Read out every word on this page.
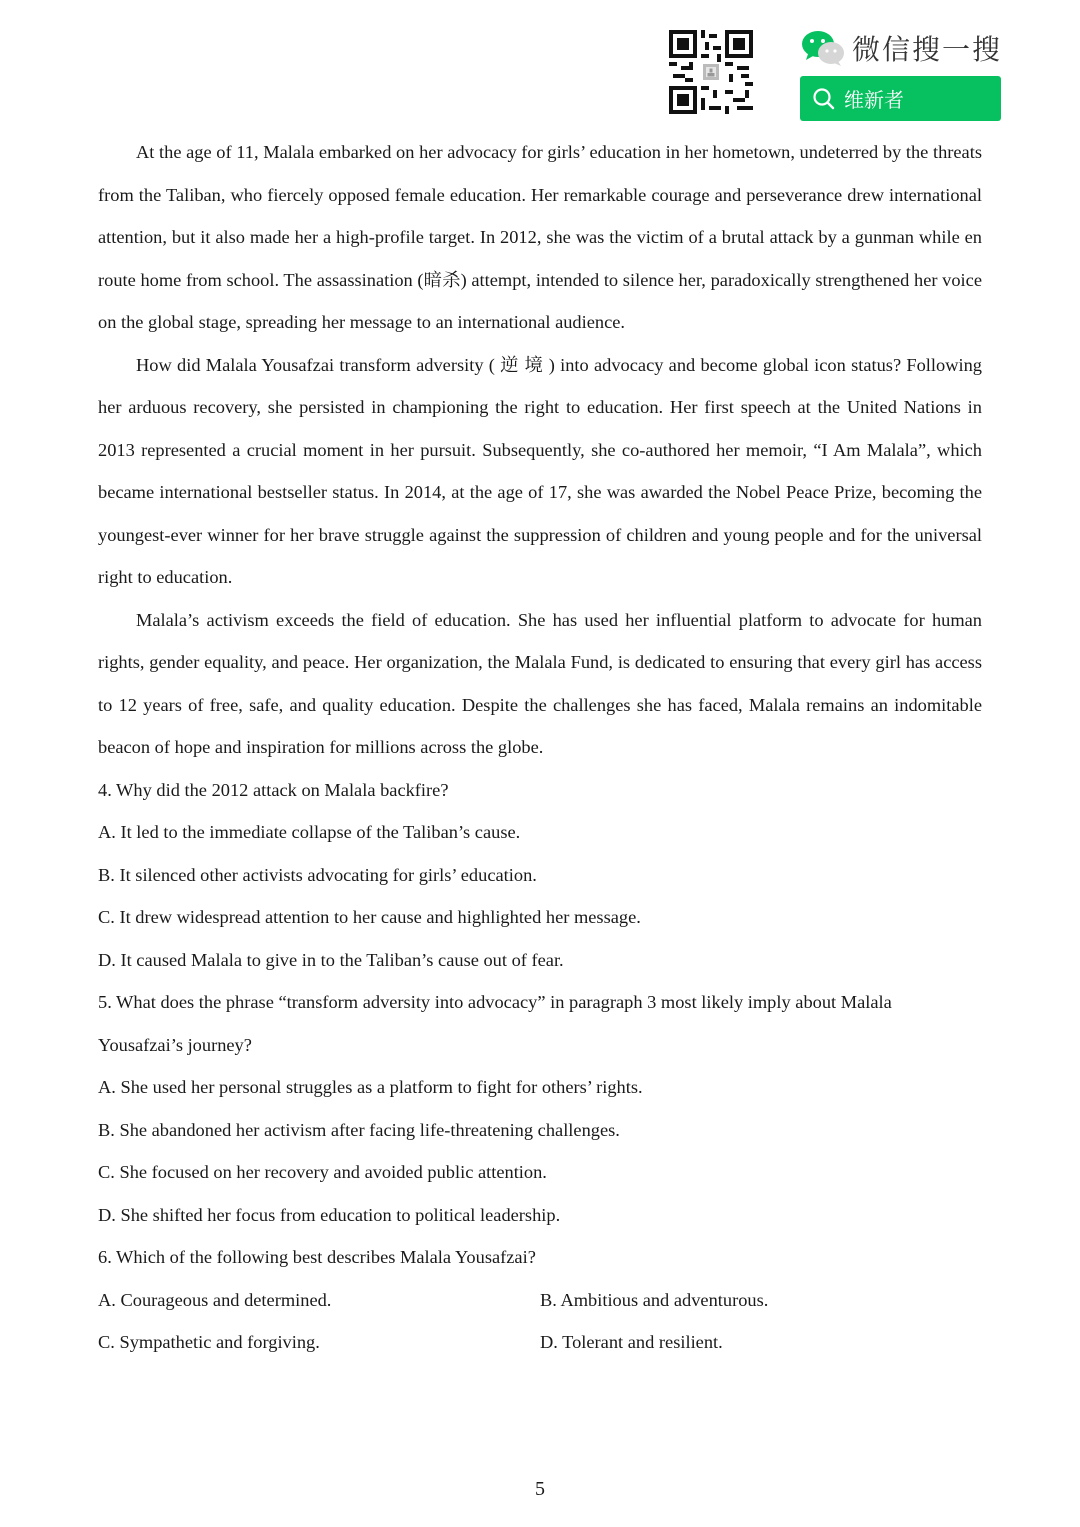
微信搜一搜
维新者

At the age of 11, Malala embarked on her advocacy for girls’ education in her hometown, undeterred by the threats from the Taliban, who fiercely opposed female education. Her remarkable courage and perseverance drew international attention, but it also made her a high-profile target. In 2012, she was the victim of a brutal attack by a gunman while en route home from school. The assassination (暗杀) attempt, intended to silence her, paradoxically strengthened her voice on the global stage, spreading her message to an international audience.

How did Malala Yousafzai transform adversity ( 逆 境 ) into advocacy and become global icon status? Following her arduous recovery, she persisted in championing the right to education. Her first speech at the United Nations in 2013 represented a crucial moment in her pursuit. Subsequently, she co-authored her memoir, “I Am Malala”, which became international bestseller status. In 2014, at the age of 17, she was awarded the Nobel Peace Prize, becoming the youngest-ever winner for her brave struggle against the suppression of children and young people and for the universal right to education.

Malala’s activism exceeds the field of education. She has used her influential platform to advocate for human rights, gender equality, and peace. Her organization, the Malala Fund, is dedicated to ensuring that every girl has access to 12 years of free, safe, and quality education. Despite the challenges she has faced, Malala remains an indomitable beacon of hope and inspiration for millions across the globe.

4. Why did the 2012 attack on Malala backfire?

A. It led to the immediate collapse of the Taliban’s cause.

B. It silenced other activists advocating for girls’ education.

C. It drew widespread attention to her cause and highlighted her message.

D. It caused Malala to give in to the Taliban’s cause out of fear.

5. What does the phrase “transform adversity into advocacy” in paragraph 3 most likely imply about Malala

Yousafzai’s journey?

A. She used her personal struggles as a platform to fight for others’ rights.

B. She abandoned her activism after facing life-threatening challenges.

C. She focused on her recovery and avoided public attention.

D. She shifted her focus from education to political leadership.

6. Which of the following best describes Malala Yousafzai?

A. Courageous and determined.	B. Ambitious and adventurous.
C. Sympathetic and forgiving.	D. Tolerant and resilient.
5
